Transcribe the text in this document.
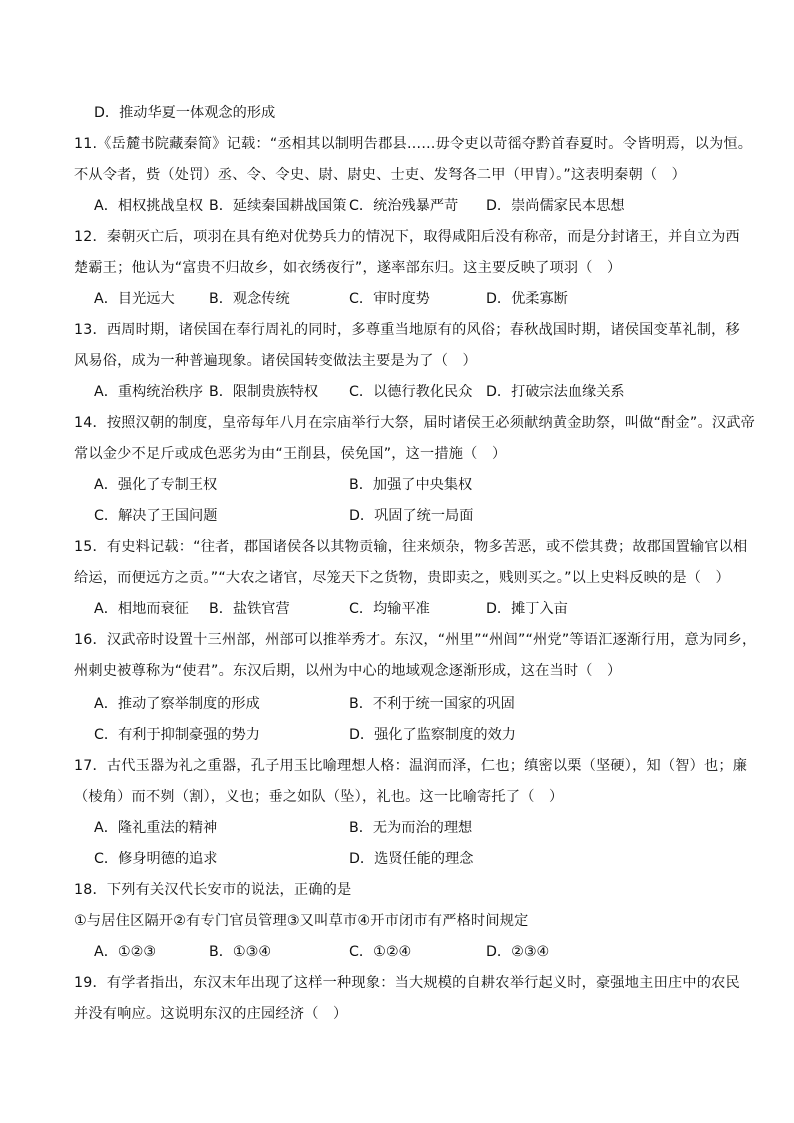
D．推动华夏一体观念的形成
11.《岳麓书院藏秦简》记载：“丞相其以制明告郡县……毋令吏以苛徭夺黔首春夏时。令皆明焉，以为恒。
不从令者，赀（处罚）丞、令、令史、尉、尉史、士吏、发弩各二甲（甲胄）。”这表明秦朝（　）
A．相权挑战皇权 B．延续秦国耕战国策 C．统治残暴严苛 D．崇尚儒家民本思想
12．秦朝灭亡后，项羽在具有绝对优势兵力的情况下，取得咸阳后没有称帝，而是分封诸王，并自立为西
楚霸王；他认为“富贵不归故乡，如衣绣夜行”，遂率部东归。这主要反映了项羽（　）
A．目光远大 B．观念传统	C．审时度势	D．优柔寡断
13．西周时期，诸侯国在奉行周礼的同时，多尊重当地原有的风俗；春秋战国时期，诸侯国变革礼制，移
风易俗，成为一种普遍现象。诸侯国转变做法主要是为了（　）
A．重构统治秩序 B．限制贵族特权 C．以德行教化民众 D．打破宗法血缘关系
14．按照汉朝的制度，皇帝每年八月在宗庙举行大祭，届时诸侯王必须献纳黄金助祭，叫做“酎金”。汉武帝
常以金少不足斤或成色恶劣为由“王削县，侯免国”，这一措施（　）
A．强化了专制王权	B．加强了中央集权
C．解决了王国问题	D．巩固了统一局面
15．有史料记载：“往者，郡国诸侯各以其物贡输，往来烦杂，物多苦恶，或不偿其费；故郡国置输官以相
给运，而便远方之贡。”“大农之诸官，尽笼天下之货物，贵即卖之，贱则买之。”以上史料反映的是（　）
A．相地而衰征 B．盐铁官营	C．均输平准	D．摊丁入亩
16．汉武帝时设置十三州部，州部可以推举秀才。东汉，“州里”“州闾”“州党”等语汇逐渐行用，意为同乡，
州刺史被尊称为“使君”。东汉后期，以州为中心的地域观念逐渐形成，这在当时（　）
A．推动了察举制度的形成	B．不利于统一国家的巩固
C．有利于抑制豪强的势力	D．强化了监察制度的效力
17．古代玉器为礼之重器，孔子用玉比喻理想人格：温润而泽，仁也；缜密以栗（坚硬），知（智）也；廉
（棱角）而不刿（割），义也；垂之如队（坠），礼也。这一比喻寄托了（　）
A．隆礼重法的精神	B．无为而治的理想
C．修身明德的追求	D．选贤任能的理念
18．下列有关汉代长安市的说法，正确的是
①与居住区隔开②有专门官员管理③又叫草市④开市闭市有严格时间规定
A．①②③	B．①③④	C．①②④	D．②③④
19．有学者指出，东汉末年出现了这样一种现象：当大规模的自耕农举行起义时，豪强地主田庄中的农民
并没有响应。这说明东汉的庄园经济（　）
